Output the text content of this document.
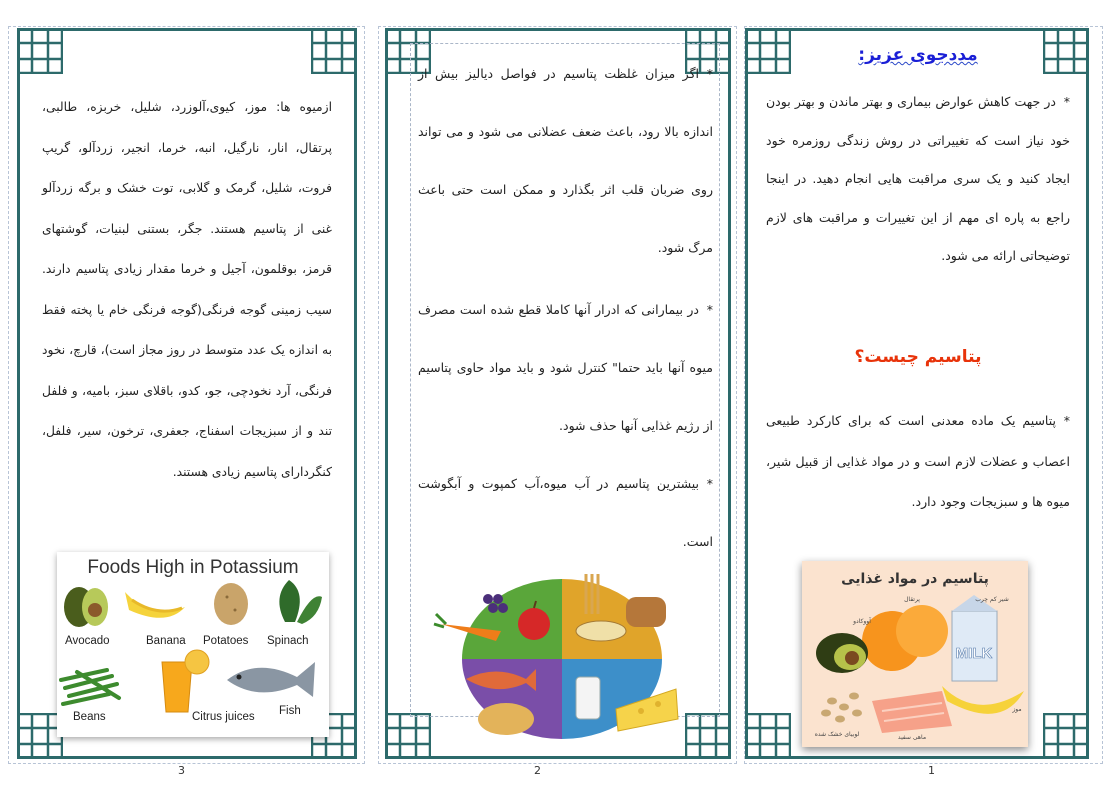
ازمیوه ها: موز، کیوی،آلوزرد، شلیل، خربزه، طالبی، پرتقال، انار، نارگیل، انبه، خرما، انجیر، زردآلو، گریپ فروت، شلیل، گرمک و گلابی، توت خشک و برگه زردآلو غنی از پتاسیم هستند. جگر، بستنی لبنیات، گوشتهای قرمز، بوقلمون، آجیل و خرما مقدار زیادی پتاسیم دارند. سیب زمینی گوجه فرنگی(گوجه فرنگی خام یا پخته فقط به اندازه یک عدد متوسط در روز مجاز است)، قارچ، نخود فرنگی، آرد نخودچی، جو، کدو، باقلای سبز، بامیه، و فلفل تند و از سبزیجات اسفناج، جعفری، ترخون، سیر، فلفل، کنگردارای پتاسیم زیادی هستند.
Foods High in Potassium
Avocado	Banana Potatoes Spinach
Beans	Citrus juices Fish
3
*اگر میزان غلظت پتاسیم در فواصل دیالیز بیش از اندازه بالا رود، باعث ضعف عضلانی می شود و می تواند روی ضربان قلب اثر بگذارد و ممکن است حتی باعث مرگ شود.
*در بیمارانی که ادرار آنها کاملا قطع شده است مصرف میوه آنها باید حتما" کنترل شود و باید مواد حاوی پتاسیم از رژیم غذایی آنها حذف شود.
*بیشترین پتاسیم در آب میوه،آب کمپوت و آبگوشت است.
2
مددجوی عزیز:
*در جهت کاهش عوارض بیماری و بهتر ماندن و بهتر بودن خود نیاز است که تغییراتی در روش زندگی روزمره خود ایجاد کنید و یک سری مراقبت هایی انجام دهید. در اینجا راجع به پاره ای مهم از این تغییرات و مراقبت های لازم توضیحاتی ارائه می شود.
پتاسیم چیست؟
*پتاسیم یک ماده معدنی است که برای کارکرد طبیعی اعصاب و عضلات لازم است و در مواد غذایی از قبیل شیر، میوه ها و سبزیجات وجود دارد.
پتاسیم در مواد غذایی
MILK
شیر کم چرب
پرتقال
آووکادو
موز
ماهی سفید
لوبیای خشک شده
1
